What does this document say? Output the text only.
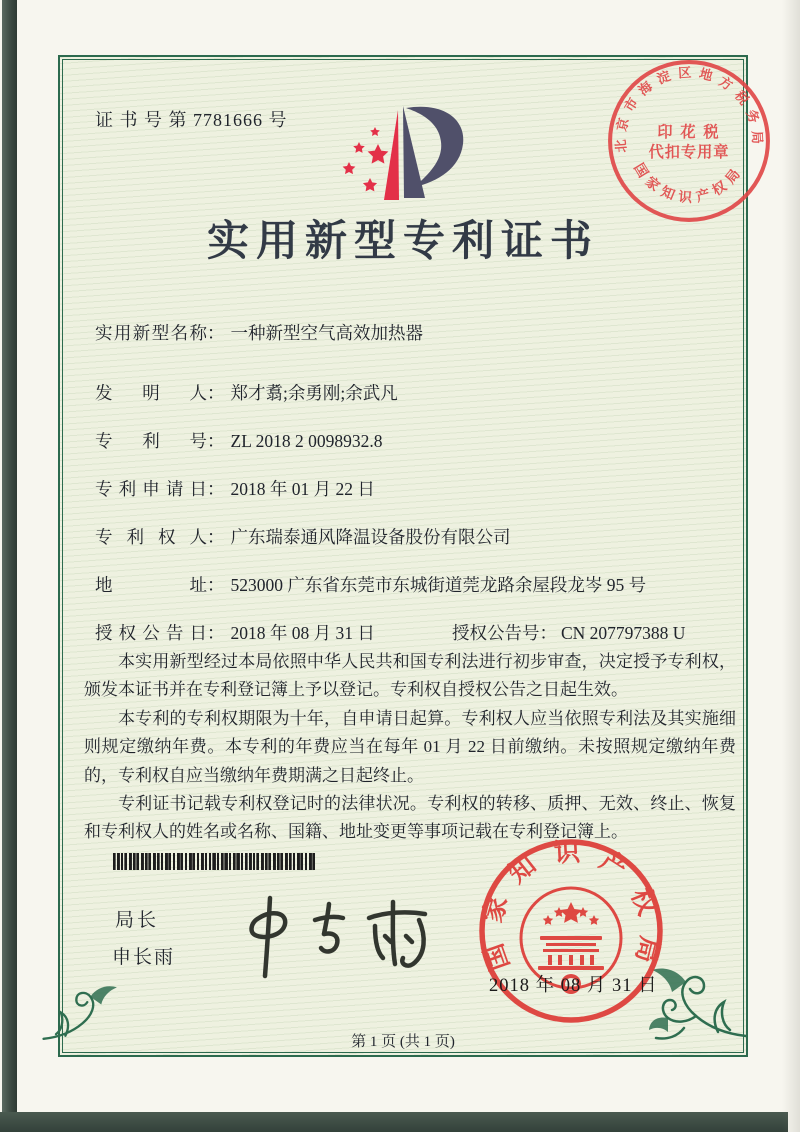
证 书 号 第 7781666 号
北京市海淀区地方税务局
国家知识产权局
印 花 税
代扣专用章
实用新型专利证书
实用新型名称： 一种新型空气高效加热器
发明人： 郑才翥;余勇刚;余武凡
专利号： ZL 2018 2 0098932.8
专利申请日： 2018 年 01 月 22 日
专利权人： 广东瑞泰通风降温设备股份有限公司
地址： 523000 广东省东莞市东城街道莞龙路余屋段龙岑 95 号
授权公告日： 2018 年 08 月 31 日	授权公告号： CN 207797388 U

本实用新型经过本局依照中华人民共和国专利法进行初步审查，决定授予专利权，颁发本证书并在专利登记簿上予以登记。专利权自授权公告之日起生效。

本专利的专利权期限为十年，自申请日起算。专利权人应当依照专利法及其实施细则规定缴纳年费。本专利的年费应当在每年 01 月 22 日前缴纳。未按照规定缴纳年费的，专利权自应当缴纳年费期满之日起终止。

专利证书记载专利权登记时的法律状况。专利权的转移、质押、无效、终止、恢复和专利权人的姓名或名称、国籍、地址变更等事项记载在专利登记簿上。

局长
申长雨	国家知识产权局
2018 年 08 月 31 日
第 1 页 (共 1 页)
